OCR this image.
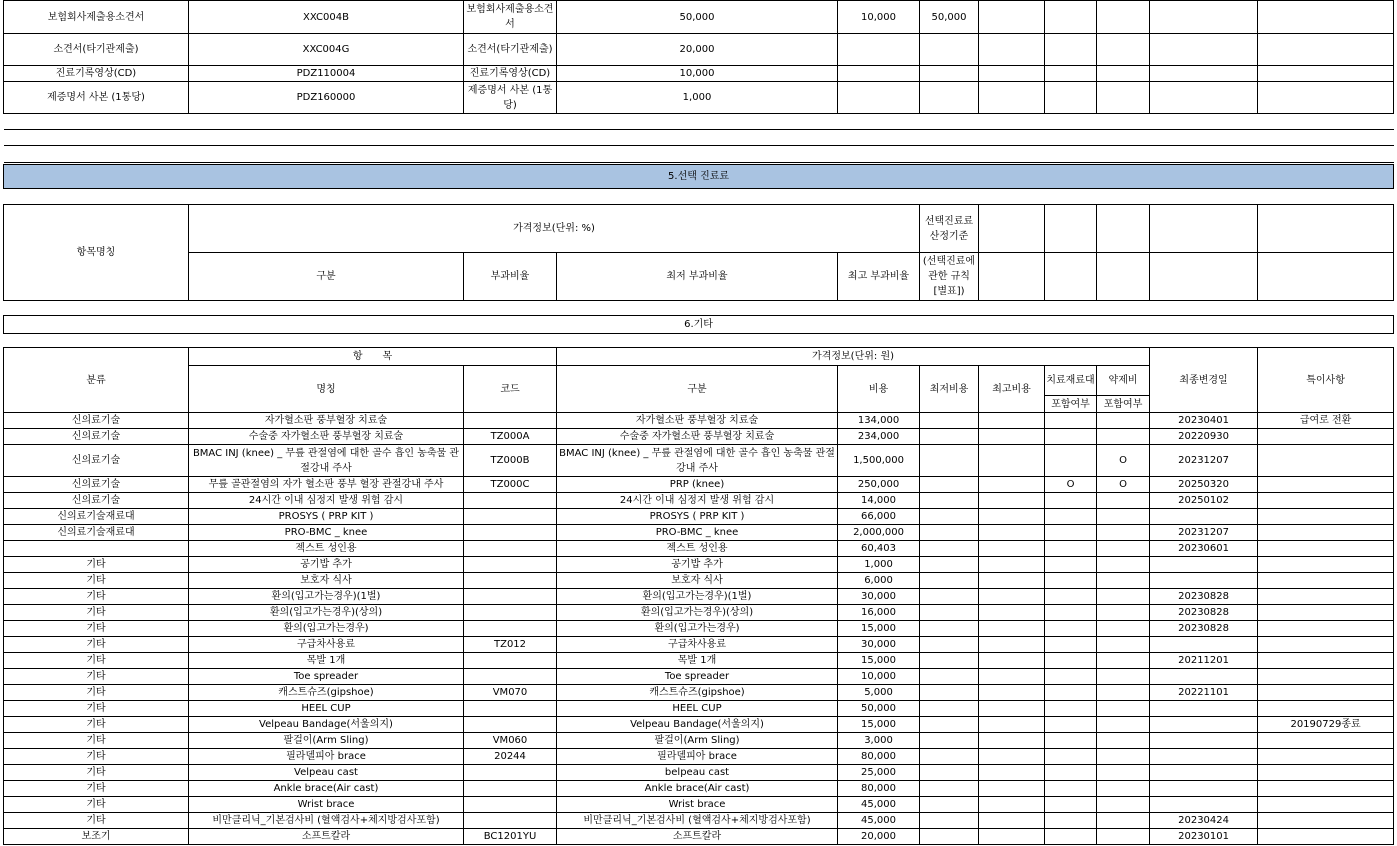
보험회사제출용소견서	XXC004B	보험회사제출용소견서	50,000	10,000	50,000					
소견서(타기관제출)	XXC004G	소견서(타기관제출)	20,000							
진료기록영상(CD)	PDZ110004	진료기록영상(CD)	10,000							
제증명서 사본 (1통당)	PDZ160000	제증명서 사본 (1통당)	1,000							

5.선택 진료료										

항목명칭	가격정보(단위: %)				선택진료료 산정기준					
	구분	부과비율	최저 부과비율	최고 부과비율	(선택진료에 관한 규칙 [별표])					

6.기타										

분류	항　　목		가격정보(단위: 원)						최종변경일	특이사항
	명칭	코드	구분	비용	최저비용	최고비용	치료재료대	약제비		
							포함여부	포함여부		
신의료기술	자가혈소판 풍부혈장 치료술		자가혈소판 풍부혈장 치료술	134,000					20230401	급여로 전환
신의료기술	수술중 자가혈소판 풍부혈장 치료술	TZ000A	수술중 자가혈소판 풍부혈장 치료술	234,000					20220930	
신의료기술	BMAC INJ (knee) _ 무릎 관절염에 대한 골수 흡인 농축물 관절강내 주사	TZ000B	BMAC INJ (knee) _ 무릎 관절염에 대한 골수 흡인 농축물 관절강내 주사	1,500,000				O	20231207	
신의료기술	무릎 골관절염의 자가 혈소판 풍부 혈장 관절강내 주사	TZ000C	PRP (knee)	250,000			O	O	20250320	
신의료기술	24시간 이내 심정지 발생 위험 감시		24시간 이내 심정지 발생 위험 감시	14,000					20250102	
신의료기술재료대	PROSYS ( PRP KIT )		PROSYS ( PRP KIT )	66,000						
신의료기술재료대	PRO-BMC _ knee		PRO-BMC _ knee	2,000,000					20231207	
	젝스트 성인용		젝스트 성인용	60,403					20230601	
기타	공기밥 추가		공기밥 추가	1,000						
기타	보호자 식사		보호자 식사	6,000						
기타	환의(입고가는경우)(1벌)		환의(입고가는경우)(1벌)	30,000					20230828	
기타	환의(입고가는경우)(상의)		환의(입고가는경우)(상의)	16,000					20230828	
기타	환의(입고가는경우)		환의(입고가는경우)	15,000					20230828	
기타	구급차사용료	TZ012	구급차사용료	30,000						
기타	목발 1개		목발 1개	15,000					20211201	
기타	Toe spreader		Toe spreader	10,000						
기타	캐스트슈즈(gipshoe)	VM070	캐스트슈즈(gipshoe)	5,000					20221101	
기타	HEEL CUP		HEEL CUP	50,000						
기타	Velpeau Bandage(서울의지)		Velpeau Bandage(서울의지)	15,000						20190729종료
기타	팔걸이(Arm Sling)	VM060	팔걸이(Arm Sling)	3,000						
기타	필라델피아 brace	20244	필라델피아 brace	80,000						
기타	Velpeau cast		belpeau cast	25,000						
기타	Ankle brace(Air cast)		Ankle brace(Air cast)	80,000						
기타	Wrist brace		Wrist brace	45,000						
기타	비만클리닉_기본검사비 (혈액검사+체지방검사포함)		비만클리닉_기본검사비 (혈액검사+체지방검사포함)	45,000					20230424	
보조기	소프트칼라	BC1201YU	소프트칼라	20,000					20230101	
